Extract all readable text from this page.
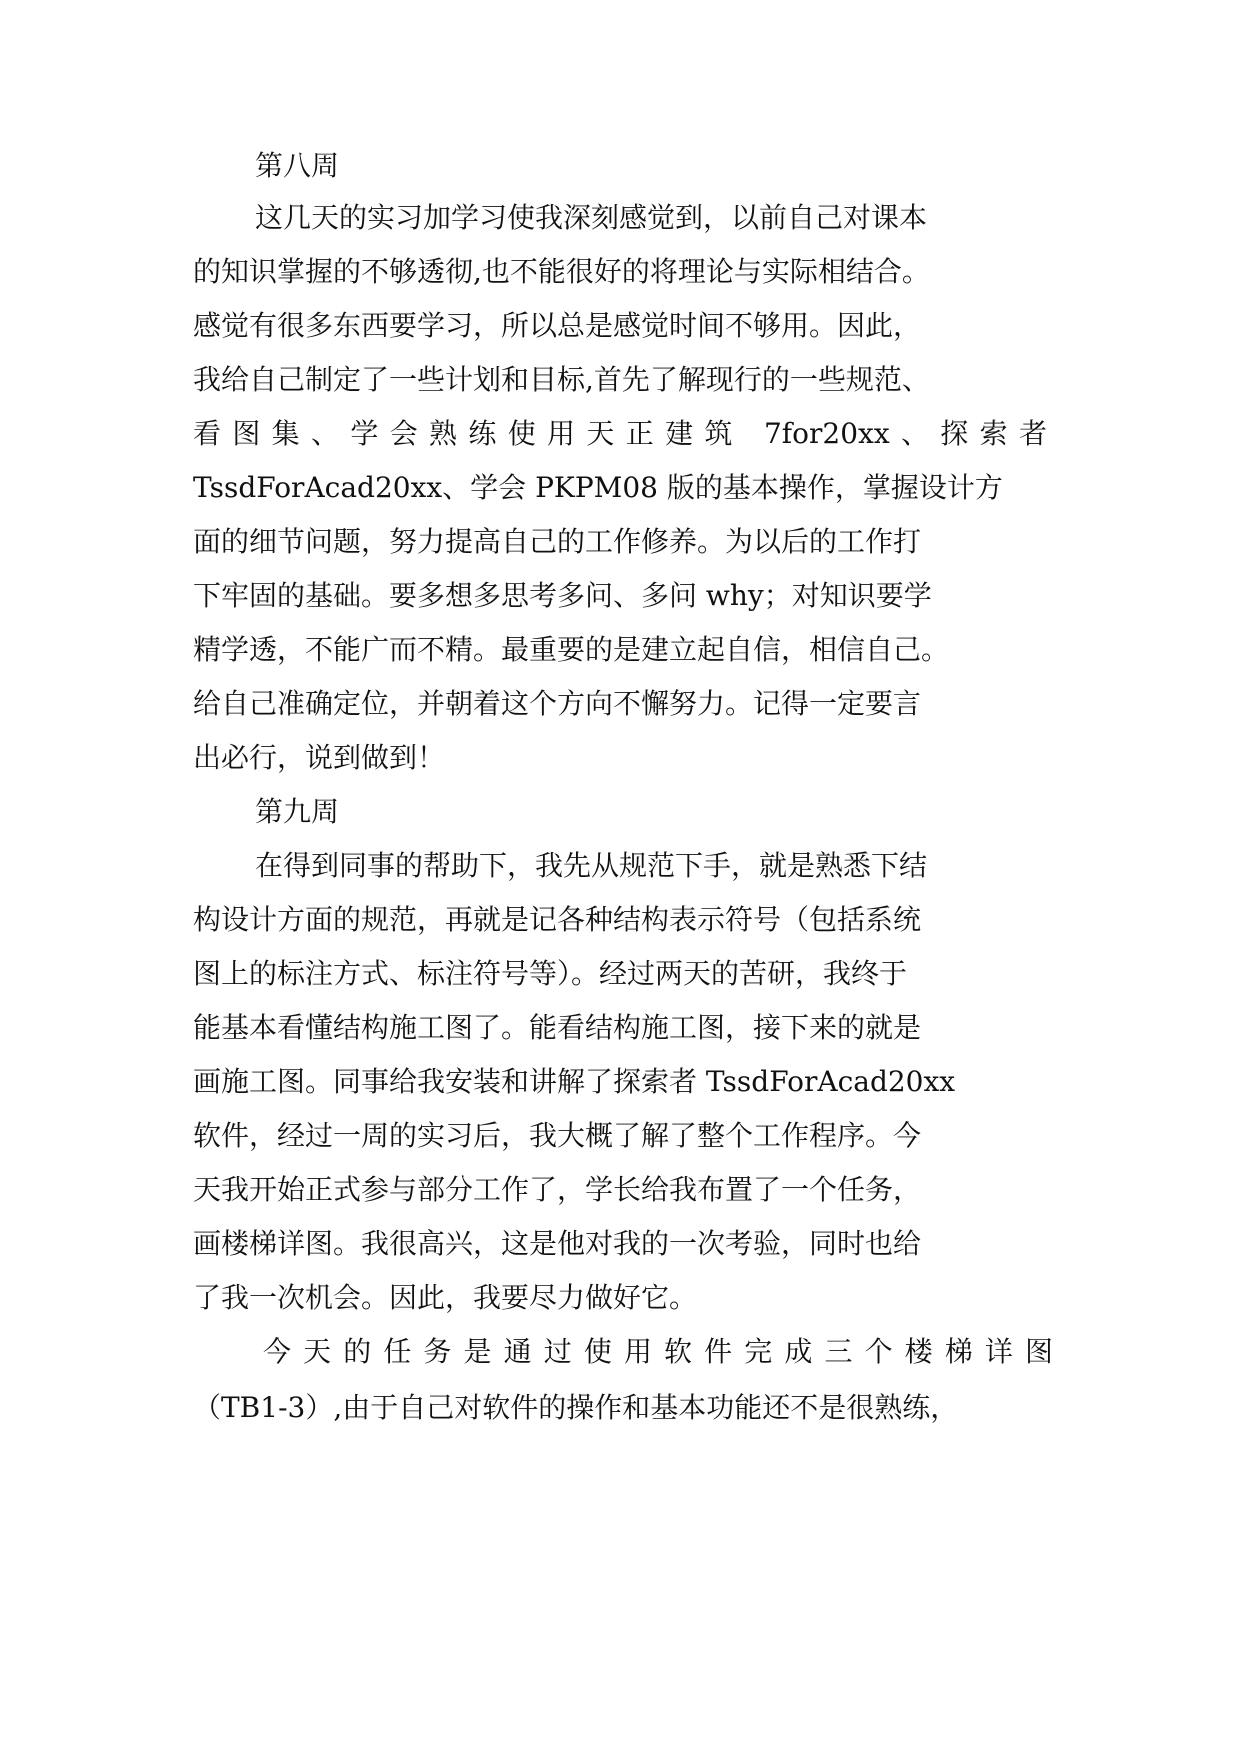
第八周
这几天的实习加学习使我深刻感觉到，以前自己对课本
的知识掌握的不够透彻,也不能很好的将理论与实际相结合。
感觉有很多东西要学习，所以总是感觉时间不够用。因此，
我给自己制定了一些计划和目标,首先了解现行的一些规范、
看图集、学会熟练使用天正建筑 7for20xx、探索者
TssdForAcad20xx、学会 PKPM08 版的基本操作，掌握设计方
面的细节问题，努力提高自己的工作修养。为以后的工作打
下牢固的基础。要多想多思考多问、多问 why；对知识要学
精学透，不能广而不精。最重要的是建立起自信，相信自己。
给自己准确定位，并朝着这个方向不懈努力。记得一定要言
出必行，说到做到！
第九周
在得到同事的帮助下，我先从规范下手，就是熟悉下结
构设计方面的规范，再就是记各种结构表示符号（包括系统
图上的标注方式、标注符号等）。经过两天的苦研，我终于
能基本看懂结构施工图了。能看结构施工图，接下来的就是
画施工图。同事给我安装和讲解了探索者 TssdForAcad20xx
软件，经过一周的实习后，我大概了解了整个工作程序。今
天我开始正式参与部分工作了，学长给我布置了一个任务，
画楼梯详图。我很高兴，这是他对我的一次考验，同时也给
了我一次机会。因此，我要尽力做好它。
今天的任务是通过使用软件完成三个楼梯详图
（TB1-3）,由于自己对软件的操作和基本功能还不是很熟练，
